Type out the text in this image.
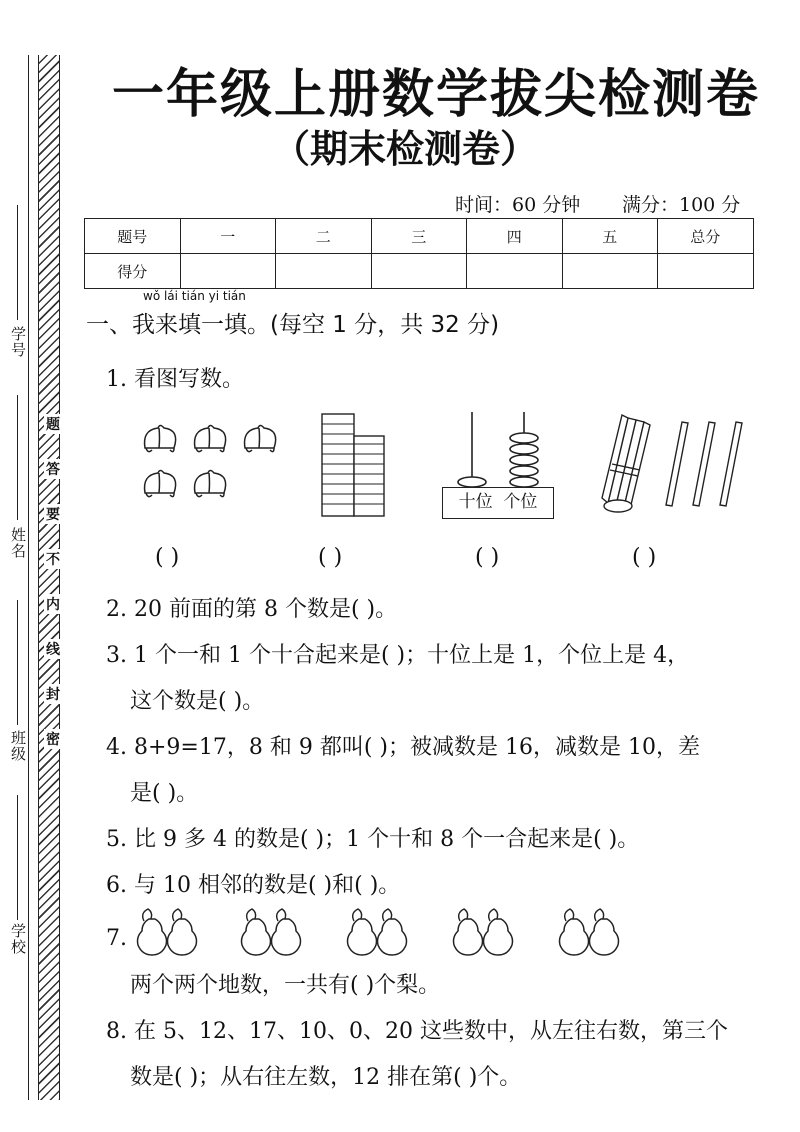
题
答
要
不
内
线
封
密
学号
姓名
班级
学校
一年级上册数学拔尖检测卷
（期末检测卷）
时间：60 分钟 满分：100 分
题号	一	二	三	四	五	总分
得分						
wǒ lái tián yi tián
一、我来填一填。(每空 1 分，共 32 分)
1. 看图写数。
十位  个位
( )	( )	( )	( )
2. 20 前面的第 8 个数是( )。
3. 1 个一和 1 个十合起来是( )；十位上是 1，个位上是 4，
这个数是( )。
4. 8+9=17，8 和 9 都叫( )；被减数是 16，减数是 10，差
是( )。
5. 比 9 多 4 的数是( )；1 个十和 8 个一合起来是( )。
6. 与 10 相邻的数是( )和( )。
7.
两个两个地数，一共有( )个梨。
8. 在 5、12、17、10、0、20 这些数中，从左往右数，第三个
数是( )；从右往左数，12 排在第( )个。
